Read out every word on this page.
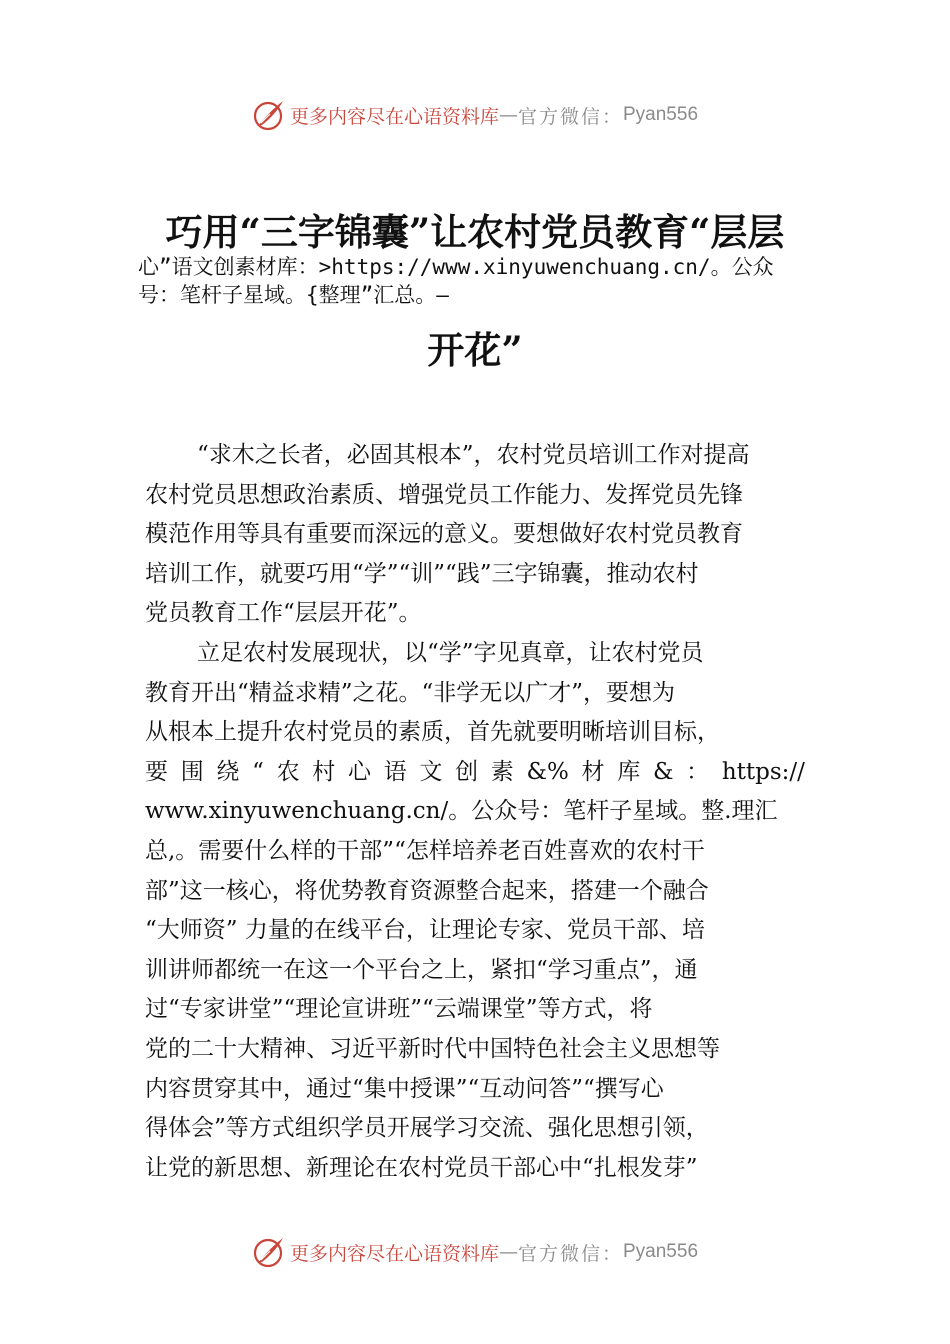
更多内容尽在心语资料库 — 官方微信： Pyan556
巧用“三字锦囊”让农村党员教育“层层
心”语文创素材库：>https://www.xinyuwenchuang.cn/。公众
号：笔杆子星域。{整理”汇总。—
开花”
“求木之长者，必固其根本”，农村党员培训工作对提高
农村党员思想政治素质、增强党员工作能力、发挥党员先锋
模范作用等具有重要而深远的意义。要想做好农村党员教育
培训工作，就要巧用“学”“训”“践”三字锦囊，推动农村
党员教育工作“层层开花”。
立足农村发展现状，以“学”字见真章，让农村党员
教育开出“精益求精”之花。“非学无以广才”，要想为
从根本上提升农村党员的素质，首先就要明晰培训目标，
要 围 绕 “ 农 村 心 语 文 创 素 &% 材 库 & ： https://
www.xinyuwenchuang.cn/。公众号：笔杆子星域。整.理汇
总,。需要什么样的干部”“怎样培养老百姓喜欢的农村干
部”这一核心，将优势教育资源整合起来，搭建一个融合
“大师资” 力量的在线平台，让理论专家、党员干部、培
训讲师都统一在这一个平台之上，紧扣“学习重点”，通
过“专家讲堂”“理论宣讲班”“云端课堂”等方式，将
党的二十大精神、习近平新时代中国特色社会主义思想等
内容贯穿其中，通过“集中授课”“互动问答”“撰写心
得体会”等方式组织学员开展学习交流、强化思想引领，
让党的新思想、新理论在农村党员干部心中“扎根发芽”
更多内容尽在心语资料库 — 官方微信： Pyan556
